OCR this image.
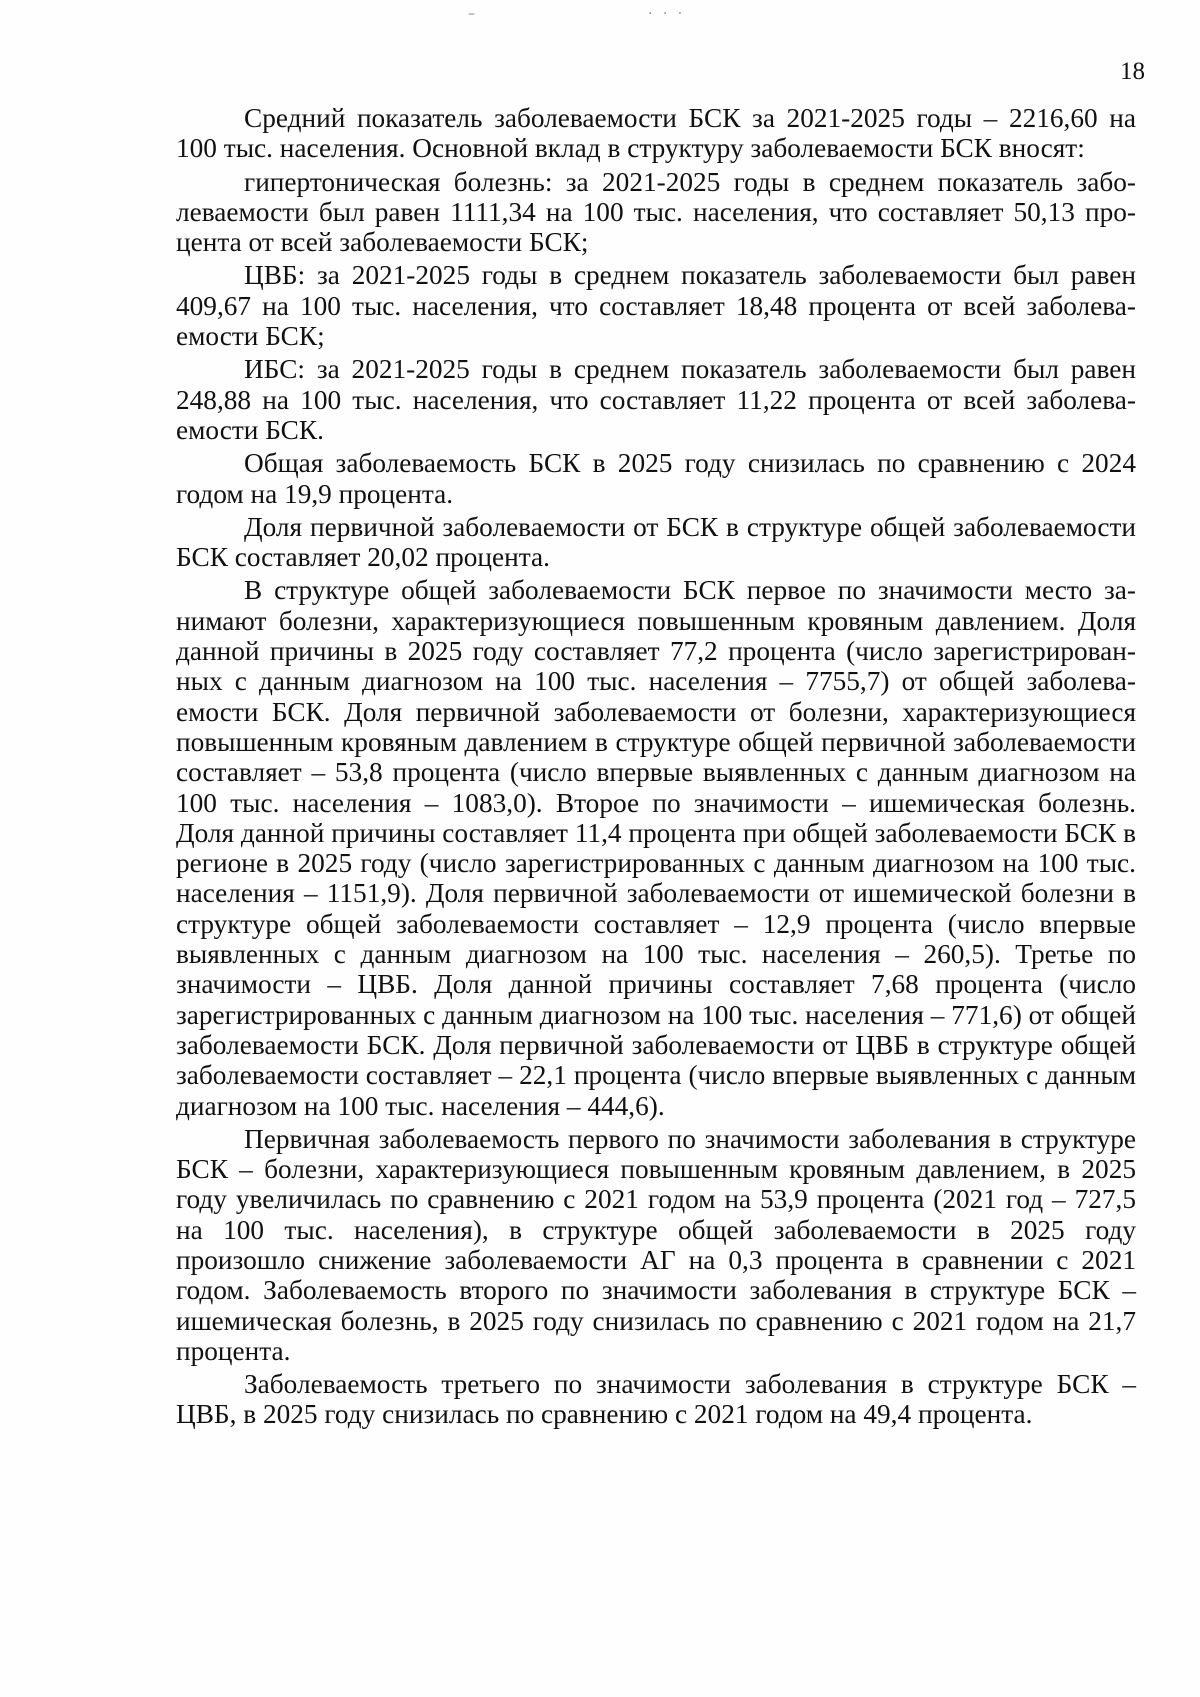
–	· · ·
18

Средний показатель заболеваемости БСК за 2021-2025 годы – 2216,60 на 100 тыс. населения. Основной вклад в структуру заболеваемости БСК вносят:

гипертоническая болезнь: за 2021-2025 годы в среднем показатель заболеваемости был равен 1111,34 на 100 тыс. населения, что составляет 50,13 процента от всей заболеваемости БСК;

ЦВБ: за 2021-2025 годы в среднем показатель заболеваемости был равен 409,67 на 100 тыс. населения, что составляет 18,48 процента от всей заболеваемости БСК;

ИБС: за 2021-2025 годы в среднем показатель заболеваемости был равен 248,88 на 100 тыс. населения, что составляет 11,22 процента от всей заболеваемости БСК.

Общая заболеваемость БСК в 2025 году снизилась по сравнению с 2024 годом на 19,9 процента.

Доля первичной заболеваемости от БСК в структуре общей заболеваемости БСК составляет 20,02 процента.

В структуре общей заболеваемости БСК первое по значимости место занимают болезни, характеризующиеся повышенным кровяным давлением. Доля данной причины в 2025 году составляет 77,2 процента (число зарегистрированных с данным диагнозом на 100 тыс. населения – 7755,7) от общей заболеваемости БСК. Доля первичной заболеваемости от болезни, характеризующиеся повышенным кровяным давлением в структуре общей первичной заболеваемости составляет – 53,8 процента (число впервые выявленных с данным диагнозом на 100 тыс. населения – 1083,0). Второе по значимости – ишемическая болезнь. Доля данной причины составляет 11,4 процента при общей заболеваемости БСК в регионе в 2025 году (число зарегистрированных с данным диагнозом на 100 тыс. населения – 1151,9). Доля первичной заболеваемости от ишемической болезни в структуре общей заболеваемости составляет – 12,9 процента (число впервые выявленных с данным диагнозом на 100 тыс. населения – 260,5). Третье по значимости – ЦВБ. Доля данной причины составляет 7,68 процента (число зарегистрированных с данным диагнозом на 100 тыс. населения – 771,6) от общей заболеваемости БСК. Доля первичной заболеваемости от ЦВБ в структуре общей заболеваемости составляет – 22,1 процента (число впервые выявленных с данным диагнозом на 100 тыс. населения – 444,6).

Первичная заболеваемость первого по значимости заболевания в структуре БСК – болезни, характеризующиеся повышенным кровяным давлением, в 2025 году увеличилась по сравнению с 2021 годом на 53,9 процента (2021 год – 727,5 на 100 тыс. населения), в структуре общей заболеваемости в 2025 году произошло снижение заболеваемости АГ на 0,3 процента в сравнении с 2021 годом. Заболеваемость второго по значимости заболевания в структуре БСК – ишемическая болезнь, в 2025 году снизилась по сравнению с 2021 годом на 21,7 процента.

Заболеваемость третьего по значимости заболевания в структуре БСК – ЦВБ, в 2025 году снизилась по сравнению с 2021 годом на 49,4 процента.
